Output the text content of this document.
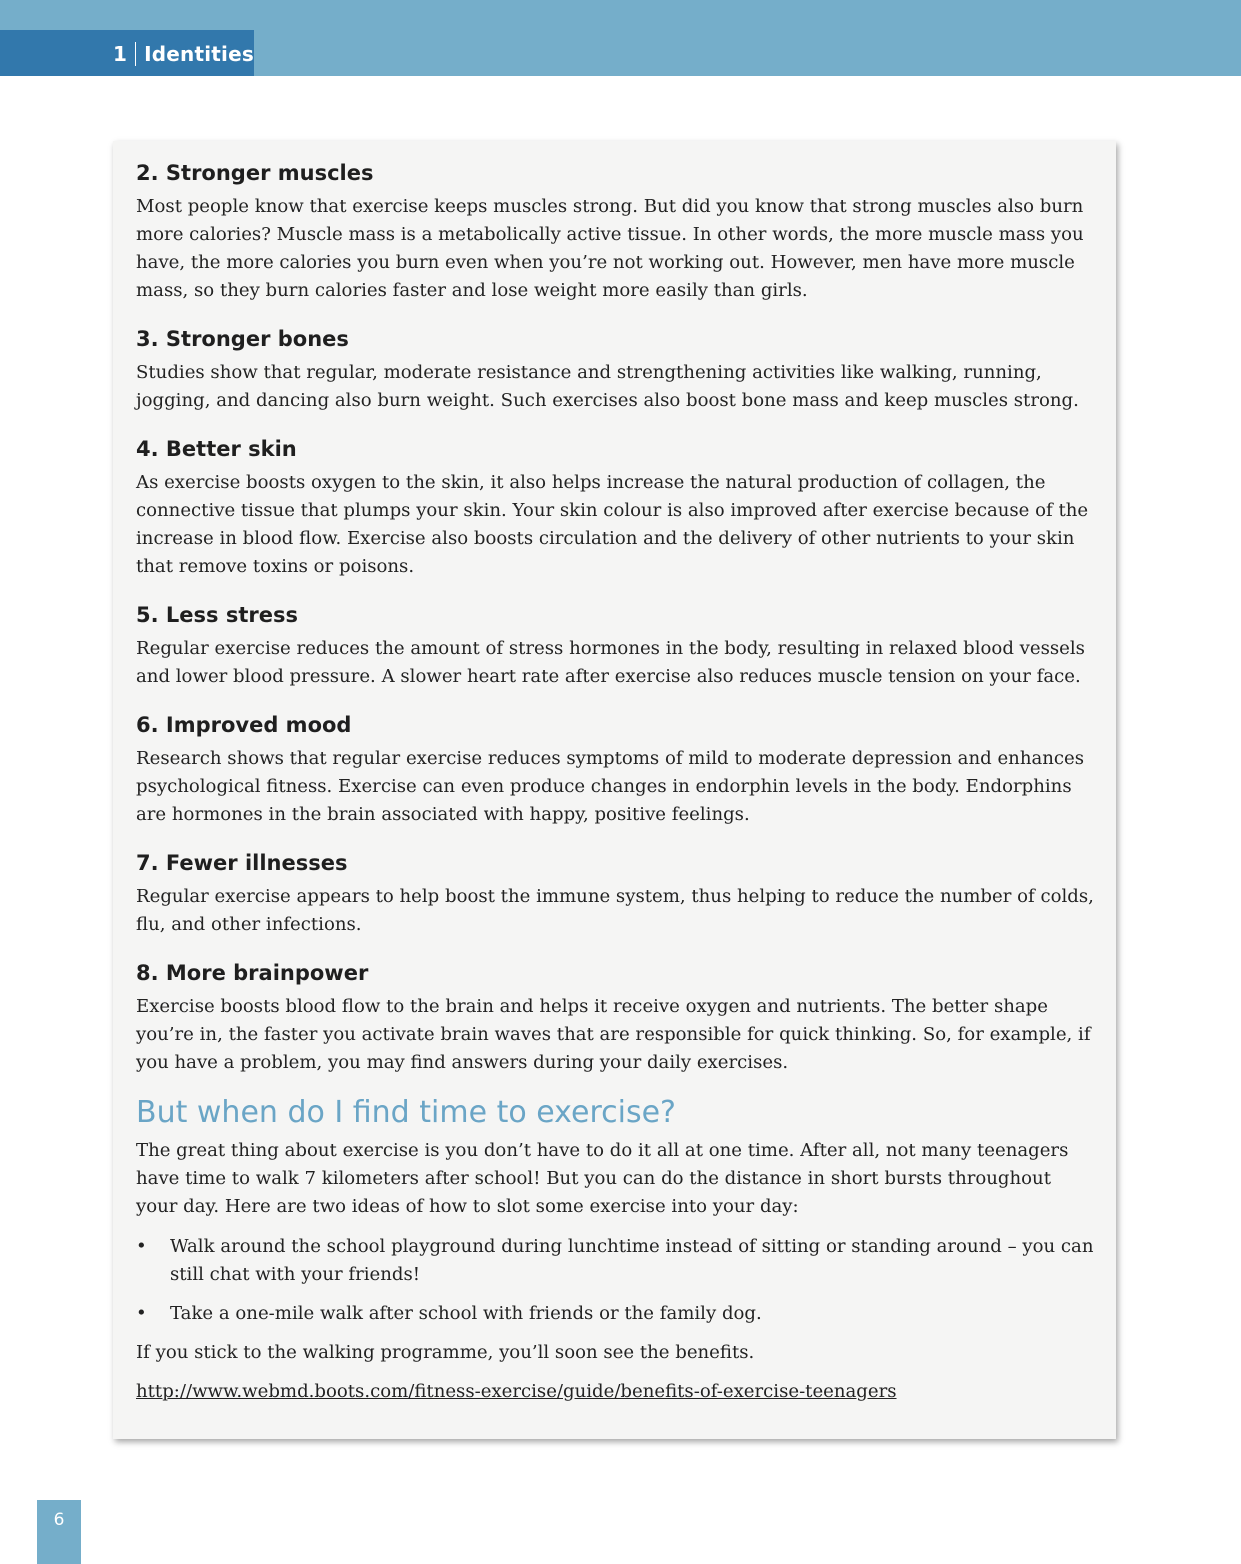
1 Identities
2. Stronger muscles

Most people know that exercise keeps muscles strong. But did you know that strong muscles also burn more calories? Muscle mass is a metabolically active tissue. In other words, the more muscle mass you have, the more calories you burn even when you’re not working out. However, men have more muscle mass, so they burn calories faster and lose weight more easily than girls.

3. Stronger bones

Studies show that regular, moderate resistance and strengthening activities like walking, running, jogging, and dancing also burn weight. Such exercises also boost bone mass and keep muscles strong.

4. Better skin

As exercise boosts oxygen to the skin, it also helps increase the natural production of collagen, the connective tissue that plumps your skin. Your skin colour is also improved after exercise because of the increase in blood flow. Exercise also boosts circulation and the delivery of other nutrients to your skin that remove toxins or poisons.

5. Less stress

Regular exercise reduces the amount of stress hormones in the body, resulting in relaxed blood vessels and lower blood pressure. A slower heart rate after exercise also reduces muscle tension on your face.

6. Improved mood

Research shows that regular exercise reduces symptoms of mild to moderate depression and enhances psychological fitness. Exercise can even produce changes in endorphin levels in the body. Endorphins are hormones in the brain associated with happy, positive feelings.

7. Fewer illnesses

Regular exercise appears to help boost the immune system, thus helping to reduce the number of colds, flu, and other infections.

8. More brainpower

Exercise boosts blood flow to the brain and helps it receive oxygen and nutrients. The better shape you’re in, the faster you activate brain waves that are responsible for quick thinking. So, for example, if you have a problem, you may find answers during your daily exercises.

But when do I find time to exercise?

The great thing about exercise is you don’t have to do it all at one time. After all, not many teenagers have time to walk 7 kilometers after school! But you can do the distance in short bursts throughout your day. Here are two ideas of how to slot some exercise into your day:

• Walk around the school playground during lunchtime instead of sitting or standing around – you can still chat with your friends!
• Take a one-mile walk after school with friends or the family dog.

If you stick to the walking programme, you’ll soon see the benefits.

http://www.webmd.boots.com/fitness-exercise/guide/benefits-of-exercise-teenagers
6
